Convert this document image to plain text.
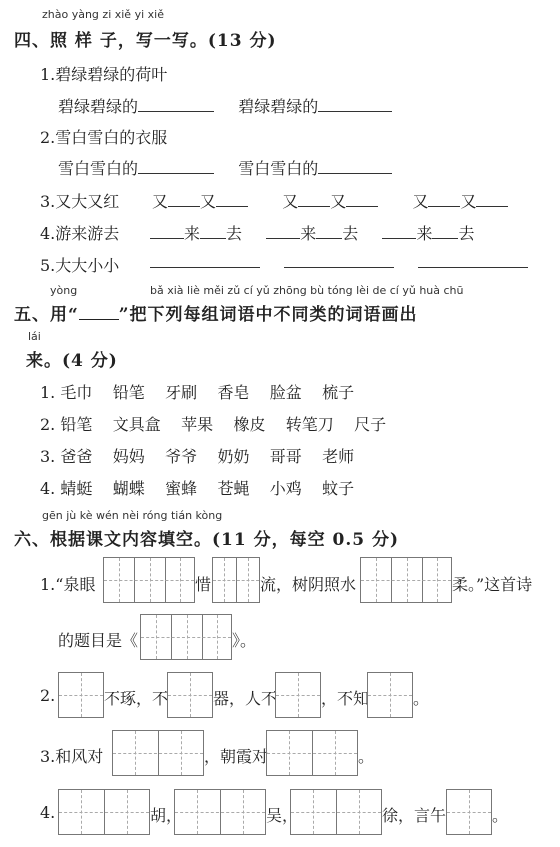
zhào yàng zi xiě yi xiě
四、照 样 子，写一写。(13 分)
1.碧绿碧绿的荷叶
碧绿碧绿的	碧绿碧绿的
2.雪白雪白的衣服
雪白雪白的	雪白雪白的
3.又大又红 又 又	又 又	又 又
4.游来游去	来 去	来 去	来 去
5.大大小小

yòng	bǎ xià liè měi zǔ cí yǔ zhōng bù tóng lèi de cí yǔ huà chū
五、用“ ”把下列每组词语中不同类的词语画出
lái
来。(4 分)
1. 毛巾 铅笔 牙刷 香皂 脸盆 梳子
2. 铅笔 文具盒 苹果 橡皮 转笔刀 尺子
3. 爸爸 妈妈 爷爷 奶奶 哥哥 老师
4. 蜻蜓 蝴蝶 蜜蜂 苍蝇 小鸡 蚊子
gēn jù kè wén nèi róng tián kòng
六、根据课文内容填空。(11 分，每空 0.5 分)
1.“泉眼	惜	流，树阴照水	柔。”这首诗
的题目是《	》。
2.	不琢，不	器，人不	，不知	。
3.和风对	，朝霞对	。
4.	胡，	吴，	徐，言午	。
